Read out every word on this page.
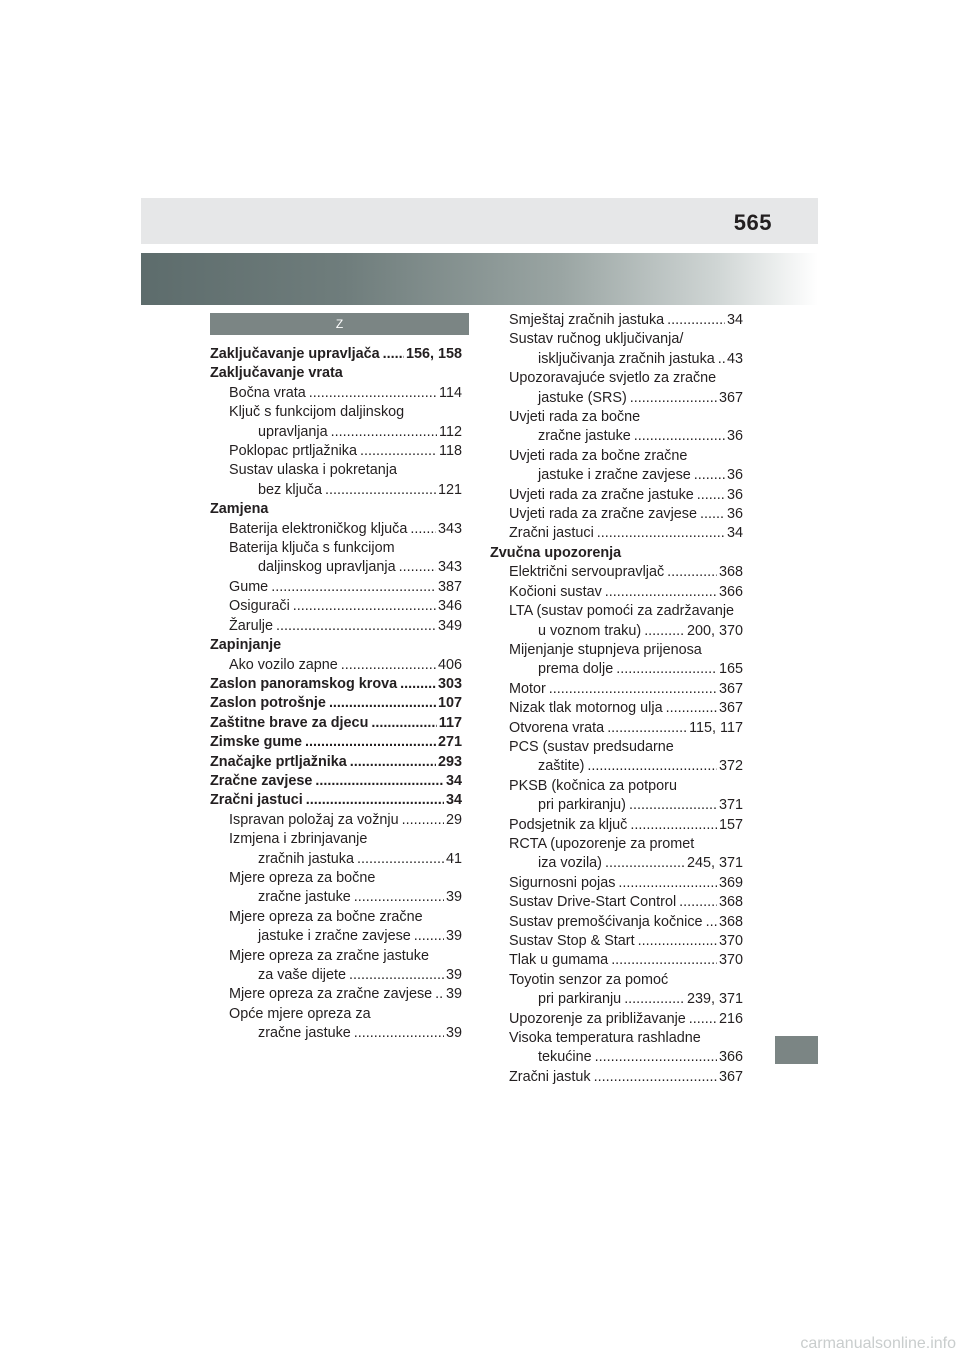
565
Z
Zaključavanje upravljača ..... 156, 158
Zaključavanje vrata
Bočna vrata .....	114
Ključ s funkcijom daljinskog
upravljanja .....	112
Poklopac prtljažnika .....	118
Sustav ulaska i pokretanja
bez ključa .....	121
Zamjena
Baterija elektroničkog ključa ..... 343
Baterija ključa s funkcijom
daljinskog upravljanja .....	343
Gume .....	387
Osigurači .....	346
Žarulje .....	349
Zapinjanje
Ako vozilo zapne .....	406
Zaslon panoramskog krova .....	303
Zaslon potrošnje .....	107
Zaštitne brave za djecu .....	117
Zimske gume .....	271
Značajke prtljažnika .....	293
Zračne zavjese .....	34
Zračni jastuci .....	34
Ispravan položaj za vožnju .....	29
Izmjena i zbrinjavanje
zračnih jastuka .....	41
Mjere opreza za bočne
zračne jastuke .....	39
Mjere opreza za bočne zračne
jastuke i zračne zavjese ..... 39
Mjere opreza za zračne jastuke
za vaše dijete .....	39
Mjere opreza za zračne zavjese ..... 39
Opće mjere opreza za
zračne jastuke .....	39
Smještaj zračnih jastuka .....	34
Sustav ručnog uključivanja/
isključivanja zračnih jastuka ..... 43
Upozoravajuće svjetlo za zračne
jastuke (SRS) .....	367
Uvjeti rada za bočne
zračne jastuke .....	36
Uvjeti rada za bočne zračne
jastuke i zračne zavjese .....	36
Uvjeti rada za zračne jastuke ..... 36
Uvjeti rada za zračne zavjese ..... 36
Zračni jastuci .....	34
Zvučna upozorenja
Električni servoupravljač .....	368
Kočioni sustav .....	366
LTA (sustav pomoći za zadržavanje
u voznom traku) .....	200, 370
Mijenjanje stupnjeva prijenosa
prema dolje .....	165
Motor .....	367
Nizak tlak motornog ulja .....	367
Otvorena vrata .....	115, 117
PCS (sustav predsudarne
zaštite) .....	372
PKSB (kočnica za potporu
pri parkiranju) .....	371
Podsjetnik za ključ .....	157
RCTA (upozorenje za promet
iza vozila) .....	245, 371
Sigurnosni pojas .....	369
Sustav Drive-Start Control .....	368
Sustav premošćivanja kočnice ..... 368
Sustav Stop & Start .....	370
Tlak u gumama .....	370
Toyotin senzor za pomoć
pri parkiranju .....	239, 371
Upozorenje za približavanje ..... 216
Visoka temperatura rashladne
tekućine .....	366
Zračni jastuk .....	367
carmanualsonline.info
